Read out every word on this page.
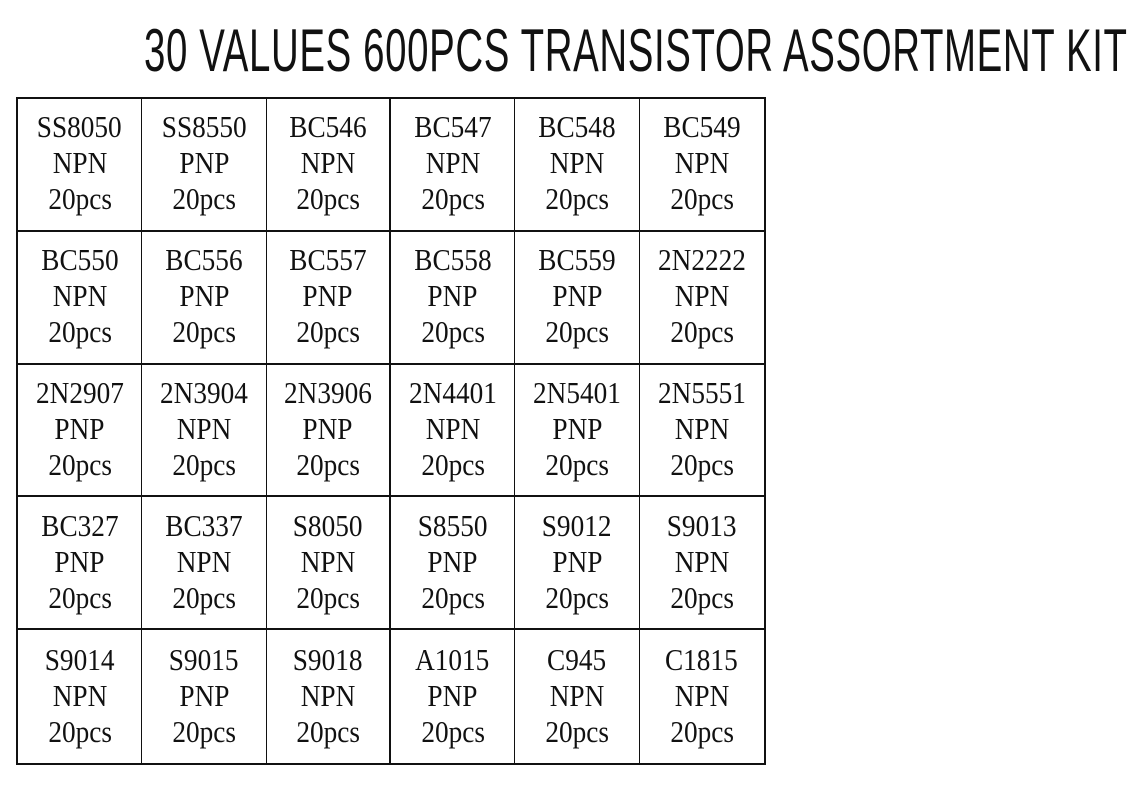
30 VALUES 600PCS TRANSISTOR ASSORTMENT KIT
SS8050
NPN
20pcs
SS8550
PNP
20pcs
BC546
NPN
20pcs
BC547
NPN
20pcs
BC548
NPN
20pcs
BC549
NPN
20pcs
BC550
NPN
20pcs
BC556
PNP
20pcs
BC557
PNP
20pcs
BC558
PNP
20pcs
BC559
PNP
20pcs
2N2222
NPN
20pcs
2N2907
PNP
20pcs
2N3904
NPN
20pcs
2N3906
PNP
20pcs
2N4401
NPN
20pcs
2N5401
PNP
20pcs
2N5551
NPN
20pcs
BC327
PNP
20pcs
BC337
NPN
20pcs
S8050
NPN
20pcs
S8550
PNP
20pcs
S9012
PNP
20pcs
S9013
NPN
20pcs
S9014
NPN
20pcs
S9015
PNP
20pcs
S9018
NPN
20pcs
A1015
PNP
20pcs
C945
NPN
20pcs
C1815
NPN
20pcs
